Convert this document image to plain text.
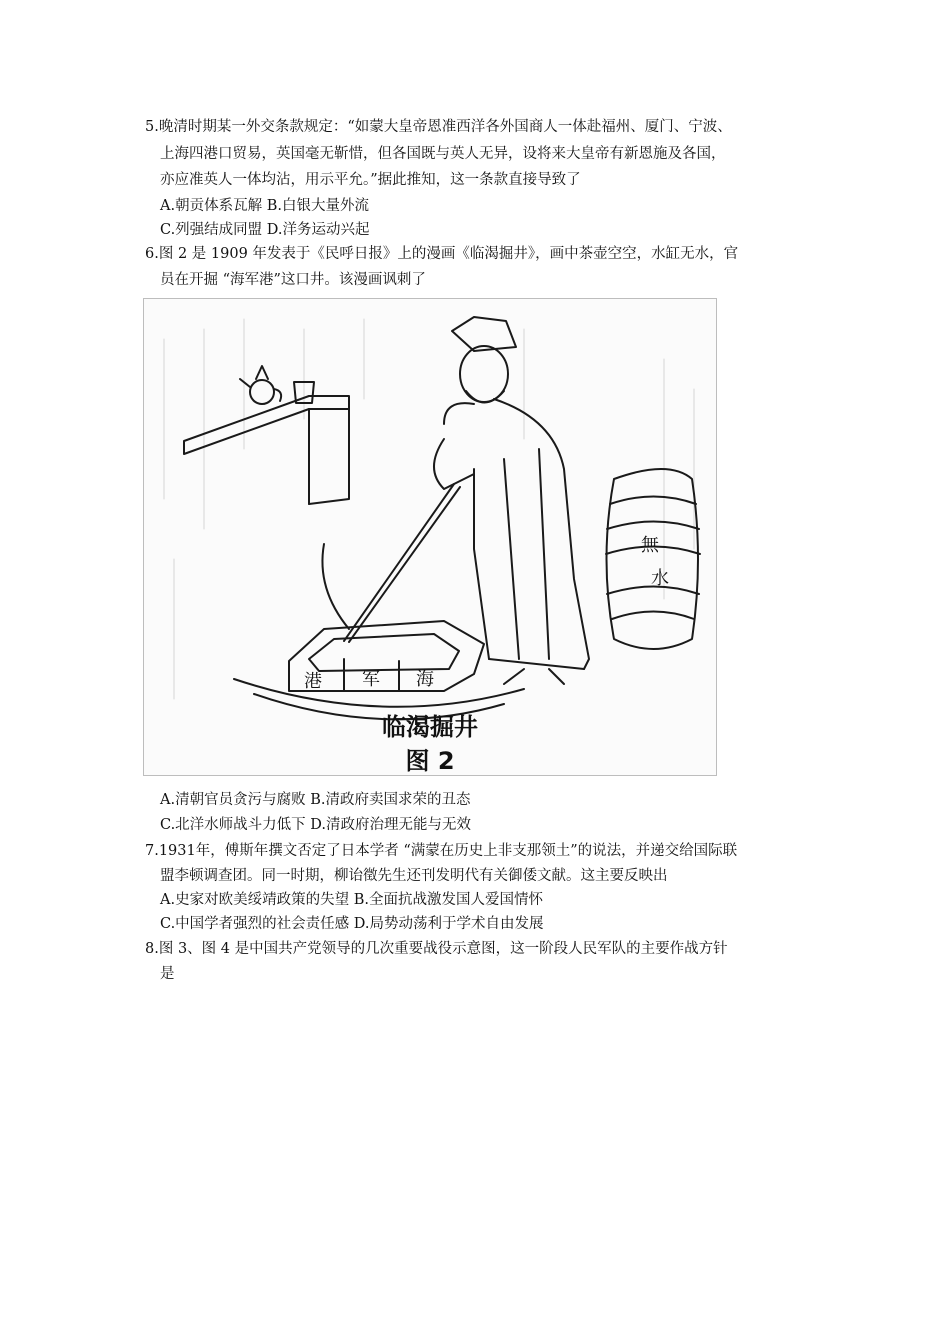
5.晚清时期某一外交条款规定：“如蒙大皇帝恩准西洋各外国商人一体赴福州、厦门、宁波、
上海四港口贸易，英国毫无靳惜，但各国既与英人无异，设将来大皇帝有新恩施及各国，
亦应准英人一体均沾，用示平允。”据此推知，这一条款直接导致了
A.朝贡体系瓦解 B.白银大量外流
C.列强结成同盟 D.洋务运动兴起
6.图 2 是 1909 年发表于《民呼日报》上的漫画《临渴掘井》，画中茶壶空空，水缸无水，官
员在开掘 “海军港”这口井。该漫画讽刺了
港 军 海
無
水
临渴掘井
图 2
A.清朝官员贪污与腐败 B.清政府卖国求荣的丑态
C.北洋水师战斗力低下 D.清政府治理无能与无效
7.1931年，傅斯年撰文否定了日本学者 “满蒙在历史上非支那领土”的说法，并递交给国际联
盟李顿调查团。同一时期，柳诒徵先生还刊发明代有关御倭文献。这主要反映出
A.史家对欧美绥靖政策的失望 B.全面抗战激发国人爱国情怀
C.中国学者强烈的社会责任感 D.局势动荡利于学术自由发展
8.图 3、图 4 是中国共产党领导的几次重要战役示意图，这一阶段人民军队的主要作战方针
是
